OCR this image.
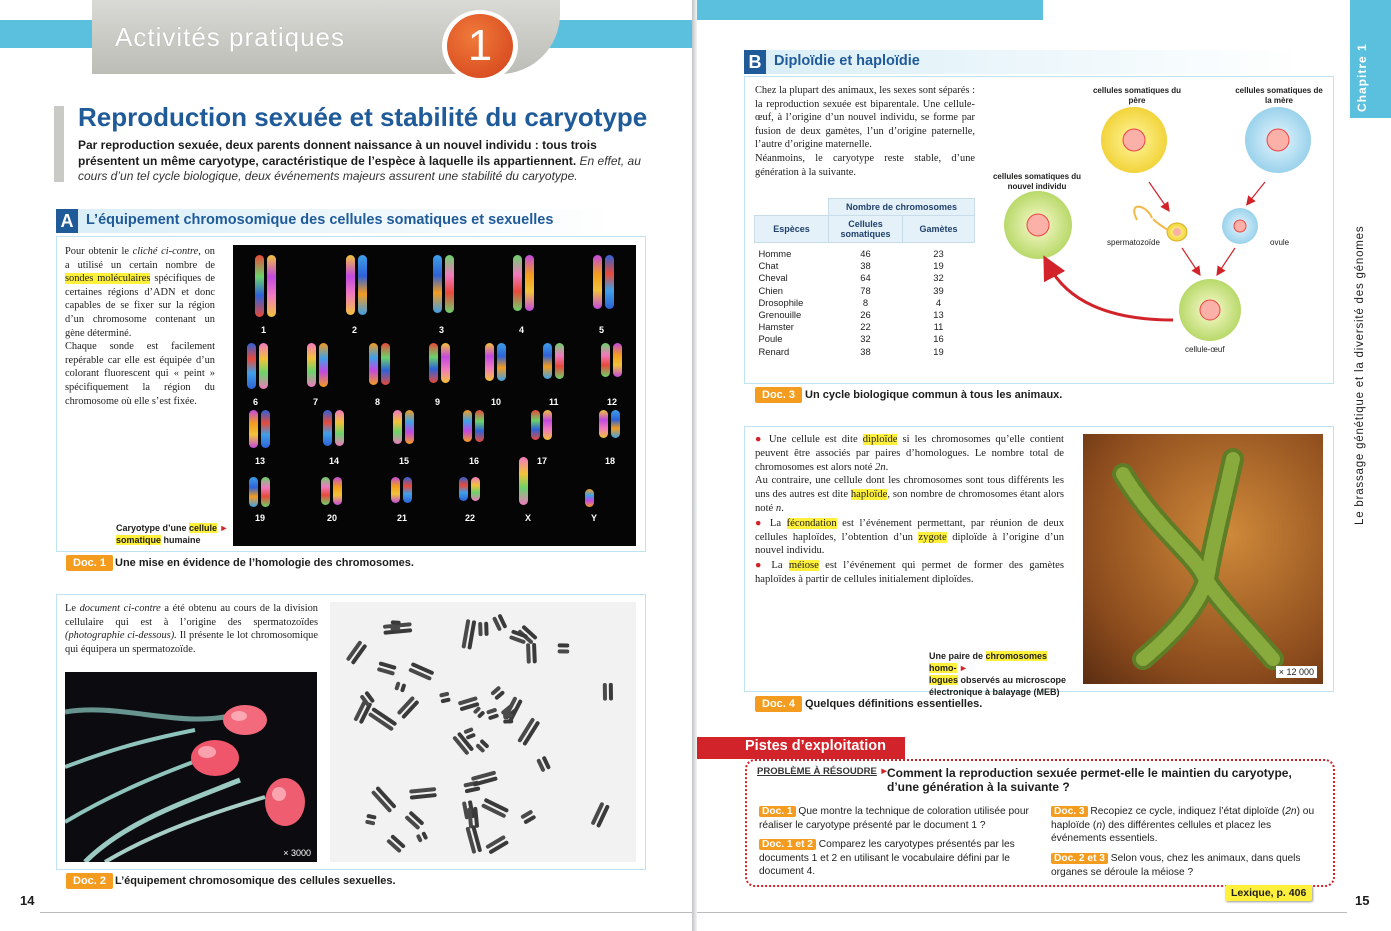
Activités pratiques	1
Reproduction sexuée et stabilité du caryotype
Par reproduction sexuée, deux parents donnent naissance à un nouvel individu : tous trois présentent un même caryotype, caractéristique de l’espèce à laquelle ils appartiennent. En effet, au cours d’un tel cycle biologique, deux événements majeurs assurent une stabilité du caryotype.
A L’équipement chromosomique des cellules somatiques et sexuelles
Pour obtenir le cliché ci-contre, on a utilisé un certain nombre de sondes moléculaires spécifiques de certaines régions d’ADN et donc capables de se fixer sur la région d’un chromosome contenant un gène déterminé.
Chaque sonde est facilement repérable car elle est équipée d’un colorant fluorescent qui « peint » spécifiquement la région du chromosome où elle s’est fixée.
Caryotype d’une cellule ►
somatique humaine
1	2	3	4	5
6	7	8	9	10	11	12
13	14	15	16	17	18
19	20	21	22	X	Y
Doc. 1 Une mise en évidence de l’homologie des chromosomes.
Le document ci-contre a été obtenu au cours de la division cellulaire qui est à l’origine des spermatozoïdes (photographie ci-dessous). Il présente le lot chromosomique qui équipera un spermatozoïde.
× 3000
Doc. 2 L’équipement chromosomique des cellules sexuelles.
14
Chapitre 1
Le brassage génétique et la diversité des génomes
B Diploïdie et haploïdie
Chez la plupart des animaux, les sexes sont séparés : la reproduction sexuée est biparentale. Une cellule-œuf, à l’origine d’un nouvel individu, se forme par fusion de deux gamètes, l’un d’origine paternelle, l’autre d’origine maternelle.
Néanmoins, le caryotype reste stable, d’une génération à la suivante.
	Nombre de chromosomes	
Espèces	Cellules somatiques	Gamètes
Homme	46	23
Chat	38	19
Cheval	64	32
Chien	78	39
Drosophile	8	4
Grenouille	26	13
Hamster	22	11
Poule	32	16
Renard	38	19
cellules somatiques du père
cellules somatiques de la mère
cellules somatiques du nouvel individu
spermatozoïde	ovule
cellule-œuf
Doc. 3 Un cycle biologique commun à tous les animaux.

● Une cellule est dite diploïde si les chromosomes qu’elle contient peuvent être associés par paires d’homologues. Le nombre total de chromosomes est alors noté 2n.
Au contraire, une cellule dont les chromosomes sont tous différents les uns des autres est dite haploïde, son nombre de chromosomes étant alors noté n.

● La fécondation est l’événement permettant, par réunion de deux cellules haploïdes, l’obtention d’un zygote diploïde à l’origine d’un nouvel individu.

● La méiose est l’événement qui permet de former des gamètes haploïdes à partir de cellules initialement diploïdes.

Une paire de chromosomes homo- ►
logues observés au microscope électronique à balayage (MEB)
× 12 000
Doc. 4 Quelques définitions essentielles.
Pistes d’exploitation
PROBLÈME À RÉSOUDRE ►
Comment la reproduction sexuée permet-elle le maintien du caryotype, d’une génération à la suivante ?
Doc. 1 Que montre la technique de coloration utilisée pour réaliser le caryotype présenté par le document 1 ?
Doc. 1 et 2 Comparez les caryotypes présentés par les documents 1 et 2 en utilisant le vocabulaire défini par le document 4.
Doc. 3 Recopiez ce cycle, indiquez l’état diploïde (2n) ou haploïde (n) des différentes cellules et placez les événements essentiels.
Doc. 2 et 3 Selon vous, chez les animaux, dans quels organes se déroule la méiose ?
Lexique, p. 406	15
